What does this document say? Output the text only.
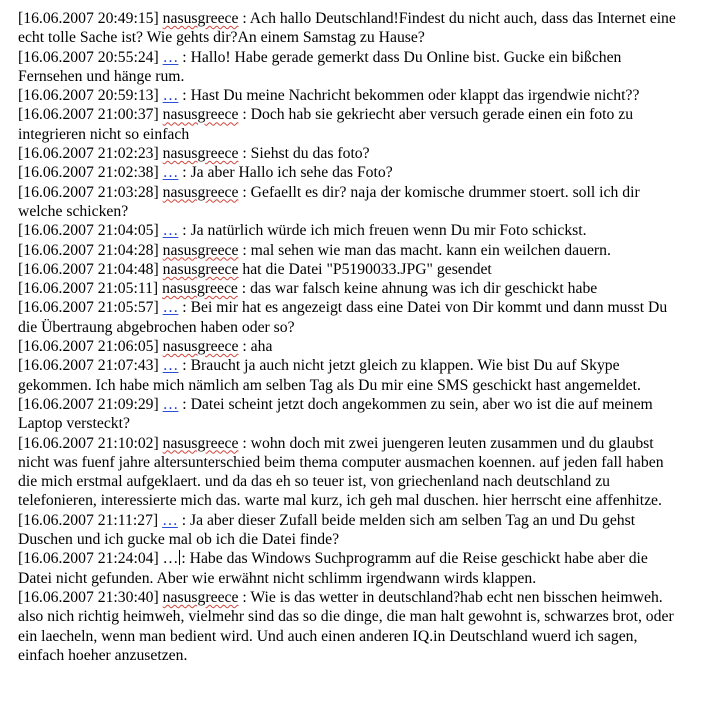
[16.06.2007 20:49:15] nasusgreece : Ach hallo Deutschland!Findest du nicht auch, dass das Internet eine echt tolle Sache ist? Wie gehts dir?An einem Samstag zu Hause?

[16.06.2007 20:55:24] … : Hallo! Habe gerade gemerkt dass Du Online bist. Gucke ein bißchen Fernsehen und hänge rum.

[16.06.2007 20:59:13] … : Hast Du meine Nachricht bekommen oder klappt das irgendwie nicht??

[16.06.2007 21:00:37] nasusgreece : Doch hab sie gekriecht aber versuch gerade einen ein foto zu integrieren nicht so einfach

[16.06.2007 21:02:23] nasusgreece : Siehst du das foto?

[16.06.2007 21:02:38] … : Ja aber Hallo ich sehe das Foto?

[16.06.2007 21:03:28] nasusgreece : Gefaellt es dir? naja der komische drummer stoert. soll ich dir welche schicken?

[16.06.2007 21:04:05] … : Ja natürlich würde ich mich freuen wenn Du mir Foto schickst.

[16.06.2007 21:04:28] nasusgreece : mal sehen wie man das macht. kann ein weilchen dauern.

[16.06.2007 21:04:48] nasusgreece hat die Datei "P5190033.JPG" gesendet

[16.06.2007 21:05:11] nasusgreece : das war falsch keine ahnung was ich dir geschickt habe

[16.06.2007 21:05:57] … : Bei mir hat es angezeigt dass eine Datei von Dir kommt und dann musst Du die Übertraung abgebrochen haben oder so?

[16.06.2007 21:06:05] nasusgreece : aha

[16.06.2007 21:07:43] … : Braucht ja auch nicht jetzt gleich zu klappen. Wie bist Du auf Skype gekommen. Ich habe mich nämlich am selben Tag als Du mir eine SMS geschickt hast angemeldet.

[16.06.2007 21:09:29] … : Datei scheint jetzt doch angekommen zu sein, aber wo ist die auf meinem Laptop versteckt?

[16.06.2007 21:10:02] nasusgreece : wohn doch mit zwei juengeren leuten zusammen und du glaubst nicht was fuenf jahre altersunterschied beim thema computer ausmachen koennen. auf jeden fall haben die mich erstmal aufgeklaert. und da das eh so teuer ist, von griechenland nach deutschland zu telefonieren, interessierte mich das. warte mal kurz, ich geh mal duschen. hier herrscht eine affenhitze.

[16.06.2007 21:11:27] … : Ja aber dieser Zufall beide melden sich am selben Tag an und Du gehst Duschen und ich gucke mal ob ich die Datei finde?

[16.06.2007 21:24:04] … : Habe das Windows Suchprogramm auf die Reise geschickt habe aber die Datei nicht gefunden. Aber wie erwähnt nicht schlimm irgendwann wirds klappen.

[16.06.2007 21:30:40] nasusgreece : Wie is das wetter in deutschland?hab echt nen bisschen heimweh. also nich richtig heimweh, vielmehr sind das so die dinge, die man halt gewohnt is, schwarzes brot, oder ein laecheln, wenn man bedient wird. Und auch einen anderen IQ.in Deutschland wuerd ich sagen, einfach hoeher anzusetzen.
